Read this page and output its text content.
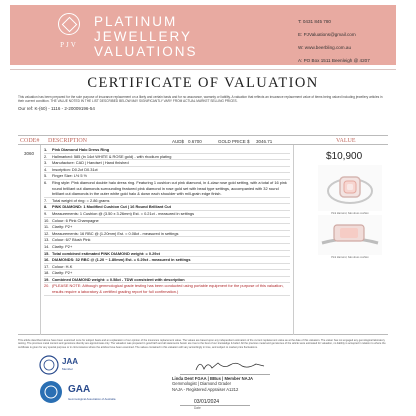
PJV
PLATINUM
JEWELLERY
VALUATIONS
T: 0431 845 780
E: PJValuations@gmail.com
W: www.beerbling.com.au
A: PO Box 1511 Beenleigh @ 4207
CERTIFICATE OF VALUATION
This valuation has been prepared for the sole purpose of insurance replacement on a likely and certain basis and for no assurance, warranty or liability. A valuation that reflects an insurance replacement value of items being valued including jewellery articles in their current condition. THE VALUE NOTED IN THE LIST DESCRIBED BELOW MAY SIGNIFICANTLY VARY FROM ACTUAL MARKET SELLING PRICES.
Our ref: K-(60) - 1116 - 2-20009196-54
CODE# DESCRIPTION	AUD$ 0.6700	GOLD PRICE $ 3046.71	VALUE
3060
1. Pink Diamond Halo Dress Ring
2. Hallmarked: 585 (in 14ct WHITE & ROSE gold) - with rhodium plating
3. Manufacture: CAD | Handset | Hand finished
4. Inscription: D0.2ct D0.31ct
5. Finger Size: L½ 5 ½
6. Ring style: Pink diamond double halo dress ring. Featuring 1 cushion cut pink diamond, in 4-claw rose gold setting, with a total of 16 pink round brilliant cut diamonds surrounding featured pink diamond in rose gold set with bead type settings, accompanied with 32 round brilliant cut diamonds in the outer white gold halo & down each shoulder with mill-grain edge finish.
7. Total weight of ring: = 2.86 grams
8. PINK DIAMOND: 1 Modified Cushion Cut | 16 Round Brilliant Cut
9. Measurements: 1 Cushion @ (3.50 x 3.26mm) Est. = 0.21ct - measured in settings
10. Colour: 6 Pink Champagne
11. Clarity: P2+
12. Measurements: 16 RBC @ (1.20mm) Est. = 0.08ct - measured in settings
13. Colour: 6/7 Blush Pink
14. Clarity: P2+
15. Total combined estimated PINK DIAMOND weight: = 0.29ct
16. DIAMONDS: 32 RBC @ (1.20 ~ 1.80mm) Est. = 0.29ct - measured in settings
17. Colour: H-K
18. Clarity: P2+
19. Combined DIAMOND weight: = 0.58ct - TDW consistent with description
20. (PLEASE NOTE: Although gemmological grade testing has been conducted using portable equipment for the purpose of this valuation, results require a laboratory & certified grading report for full confirmation.)
$10,900
Pink diamond, halo dress cushion
Pink diamond, halo dress cushion
This article described above have been examined once for subject basis and an explanation of our opinion of the insurance replacement value. The values are based upon any independent estimation of the current replacement value as at the date of this valuation. The valuer has not engaged any gemological laboratory testing. The precious metal content and gemstone identity are approximate only. The valuation was prepared in good faith and all statements herein are true to the best of our knowledge & belief. All the precious metal and gemstones of the article were estimated for valuation, no liability is accepted in relation to where the certificate is given for any special purpose or in circumstance where the articles have been examined. The values contained in this valuation will vary accordingly in time, and subject to market price fluctuations.
JAA
Member
GAA
Gemmological Association of Australia
Linda Dent FGAA | BBus | Member NAJA
Gemmologist | Diamond Grader
NAJA - Registered Appraiser A1212
03/01/2024
Date
